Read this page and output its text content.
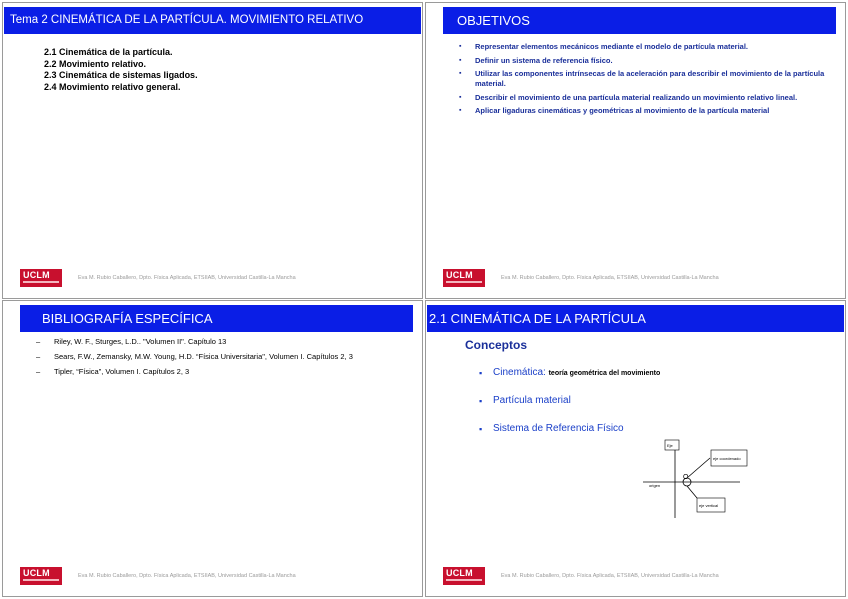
Tema 2 CINEMÁTICA DE LA PARTÍCULA. MOVIMIENTO RELATIVO
2.1 Cinemática de la partícula.
2.2 Movimiento relativo.
2.3 Cinemática de sistemas ligados.
2.4 Movimiento relativo general.
UCLM	Eva M. Rubio Caballero, Dpto. Física Aplicada, ETSIIAB, Universidad Castilla-La Mancha
OBJETIVOS
▪ Representar elementos mecánicos mediante el modelo de partícula material.
▪ Definir un sistema de referencia físico.
▪ Utilizar las componentes intrínsecas de la aceleración para describir el movimiento de la partícula material.
▪ Describir el movimiento de una partícula material realizando un movimiento relativo lineal.
▪ Aplicar ligaduras cinemáticas y geométricas al movimiento de la partícula material
UCLM	Eva M. Rubio Caballero, Dpto. Física Aplicada, ETSIIAB, Universidad Castilla-La Mancha
BIBLIOGRAFÍA ESPECÍFICA
– Riley, W. F., Sturges, L.D.. "Volumen II". Capítulo 13
– Sears, F.W., Zemansky, M.W. Young, H.D. “Física Universitaria", Volumen I. Capítulos 2, 3
– Tipler, “Física”, Volumen I. Capítulos 2, 3
UCLM	Eva M. Rubio Caballero, Dpto. Física Aplicada, ETSIIAB, Universidad Castilla-La Mancha
2.1 CINEMÁTICA DE LA PARTÍCULA
Conceptos
▪ Cinemática: teoría geométrica del movimiento
▪ Partícula material
▪ Sistema de Referencia Físico
O
origen
Eje
eje coordenado
eje vertical
UCLM	Eva M. Rubio Caballero, Dpto. Física Aplicada, ETSIIAB, Universidad Castilla-La Mancha
